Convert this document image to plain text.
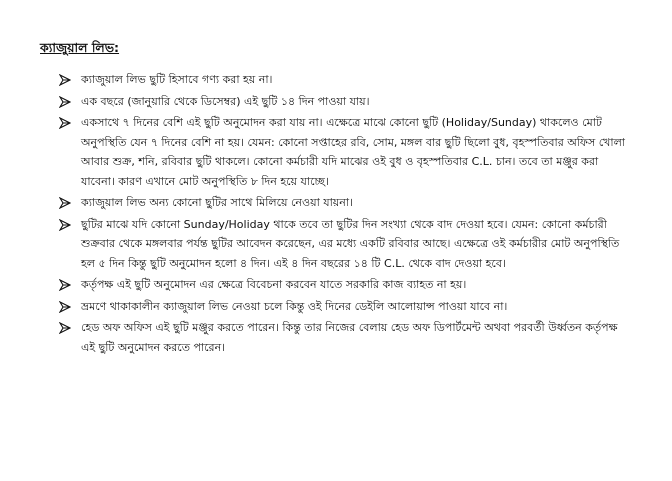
ক্যাজুয়াল লিভ:
ক্যাজুয়াল লিভ ছুটি হিসাবে গণ্য করা হয় না।
এক বছরে (জানুয়ারি থেকে ডিসেম্বর) এই ছুটি ১৪ দিন পাওয়া যায়।
একসাথে ৭ দিনের বেশি এই ছুটি অনুমোদন করা যায় না। এক্ষেত্রে মাঝে কোনো ছুটি (Holiday/Sunday) থাকলেও মোট অনুপস্থিতি যেন ৭ দিনের বেশি না হয়। যেমন: কোনো সপ্তাহের রবি, সোম, মঙ্গল বার ছুটি ছিলো বুধ, বৃহস্পতিবার অফিস খোলা আবার শুক্র, শনি, রবিবার ছুটি থাকলে। কোনো কর্মচারী যদি মাঝের ওই বুধ ও বৃহস্পতিবার C.L. চান। তবে তা মঞ্জুর করা যাবেনা। কারণ এখানে মোট অনুপস্থিতি ৮ দিন হয়ে যাচ্ছে।
ক্যাজুয়াল লিভ অন্য কোনো ছুটির সাথে মিলিয়ে নেওয়া যায়না।
ছুটির মাঝে যদি কোনো Sunday/Holiday থাকে তবে তা ছুটির দিন সংখ্যা থেকে বাদ দেওয়া হবে। যেমন: কোনো কর্মচারী শুক্রবার থেকে মঙ্গলবার পর্যন্ত ছুটির আবেদন করেছেন, এর মধ্যে একটি রবিবার আছে। এক্ষেত্রে ওই কর্মচারীর মোট অনুপস্থিতি হল ৫ দিন কিন্তু ছুটি অনুমোদন হলো ৪ দিন। এই ৪ দিন বছরের ১৪ টি C.L. থেকে বাদ দেওয়া হবে।
কর্তৃপক্ষ এই ছুটি অনুমোদন এর ক্ষেত্রে বিবেচনা করবেন যাতে সরকারি কাজ ব্যাহত না হয়।
ভ্রমণে থাকাকালীন ক্যাজুয়াল লিভ নেওয়া চলে কিন্তু ওই দিনের ডেইলি আলোয়ান্স পাওয়া যাবে না।
হেড অফ অফিস এই ছুটি মঞ্জুর করতে পারেন। কিন্তু তার নিজের বেলায় হেড অফ ডিপার্টমেন্ট অথবা পরবর্তী উর্ধ্বতন কর্তৃপক্ষ এই ছুটি অনুমোদন করতে পারেন।
